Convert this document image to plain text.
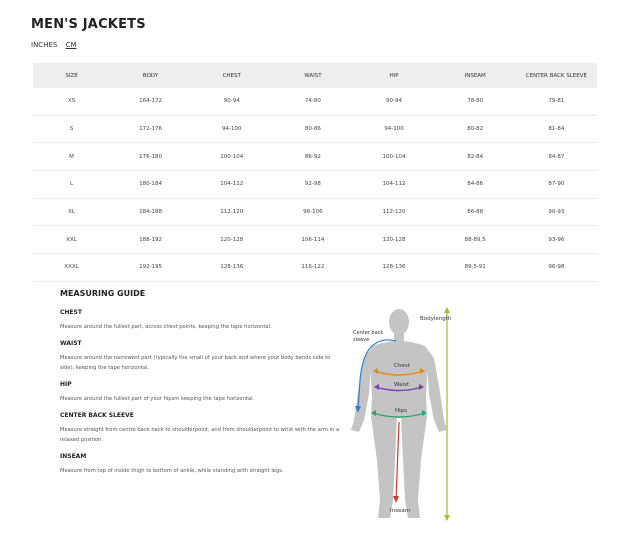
MEN'S JACKETS
INCHES CM
SIZE	BODY	CHEST	WAIST	HIP	INSEAM	CENTER BACK SLEEVE
XS	164-172	90-94	74-80	90-94	78-80	79-81
S	172-176	94-100	80-86	94-100	80-82	81-84
M	176-180	100-104	86-92	100-104	82-84	84-87
L	180-184	104-112	92-98	104-112	84-86	87-90
XL	184-188	112-120	98-106	112-120	86-88	90-93
XXL	188-192	120-128	106-114	120-128	88-89,5	93-96
XXXL	192-195	128-136	116-122	128-136	89,5-91	96-98
MEASURING GUIDE
CHEST
Measure around the fullest part, across chest points, keeping the tape horizontal.
WAIST
Measure around the narrowest part (typically the small of your back and where your body bends side to side), keeping the tape horizontal.
HIP
Measure around the fullest part of your hipsm keeping the tape horizontal.
CENTER BACK SLEEVE
Measure straight from centre back neck to shoulderpoint, and from shoulderpoint to wrist with the arm in a relaxed position.
INSEAM
Measure from top of inside thigh to bottom of ankle, while standing with straight legs.
Bodylength
Center back
sleeve
Chest
Waist
Hips
Inseam
